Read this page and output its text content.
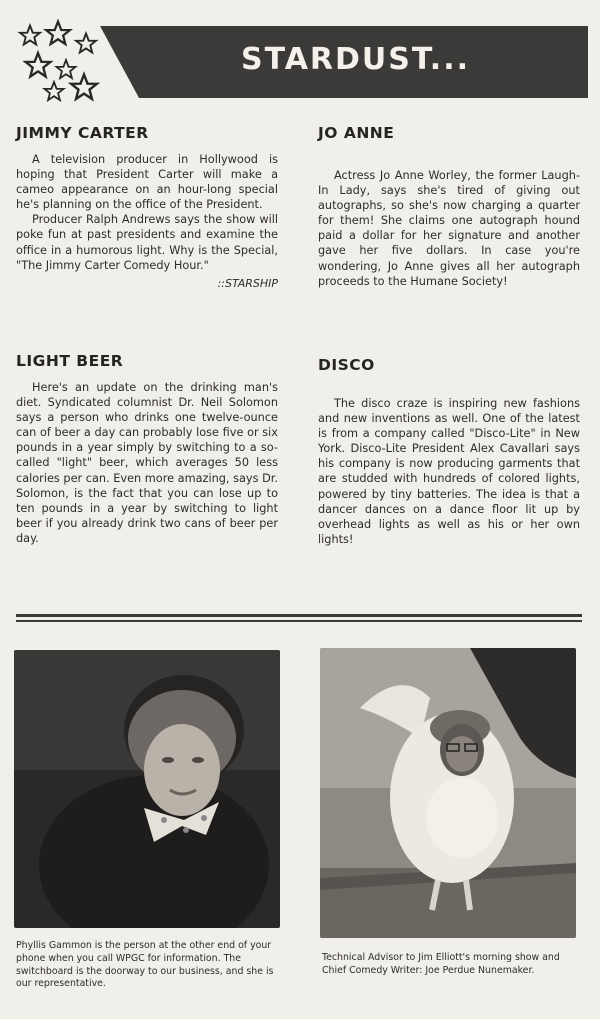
STARDUST...
JIMMY CARTER

A television producer in Hollywood is hoping that President Carter will make a cameo appearance on an hour-long special he's planning on the office of the President.

Producer Ralph Andrews says the show will poke fun at past presidents and examine the office in a humorous light. Why is the Special, "The Jimmy Carter Comedy Hour."

::STARSHIP

JO ANNE

Actress Jo Anne Worley, the former Laugh-In Lady, says she's tired of giving out autographs, so she's now charging a quarter for them! She claims one autograph hound paid a dollar for her signature and another gave her five dollars. In case you're wondering, Jo Anne gives all her autograph proceeds to the Humane Society!

LIGHT BEER

Here's an update on the drinking man's diet. Syndicated columnist Dr. Neil Solomon says a person who drinks one twelve-ounce can of beer a day can probably lose five or six pounds in a year simply by switching to a so-called "light" beer, which averages 50 less calories per can. Even more amazing, says Dr. Solomon, is the fact that you can lose up to ten pounds in a year by switching to light beer if you already drink two cans of beer per day.

DISCO

The disco craze is inspiring new fashions and new inventions as well. One of the latest is from a company called "Disco-Lite" in New York. Disco-Lite President Alex Cavallari says his company is now producing garments that are studded with hundreds of colored lights, powered by tiny batteries. The idea is that a dancer dances on a dance floor lit up by overhead lights as well as his or her own lights!

Phyllis Gammon is the person at the other end of your phone when you call WPGC for information. The switchboard is the doorway to our business, and she is our representative.

Technical Advisor to Jim Elliott's morning show and Chief Comedy Writer: Joe Perdue Nunemaker.
